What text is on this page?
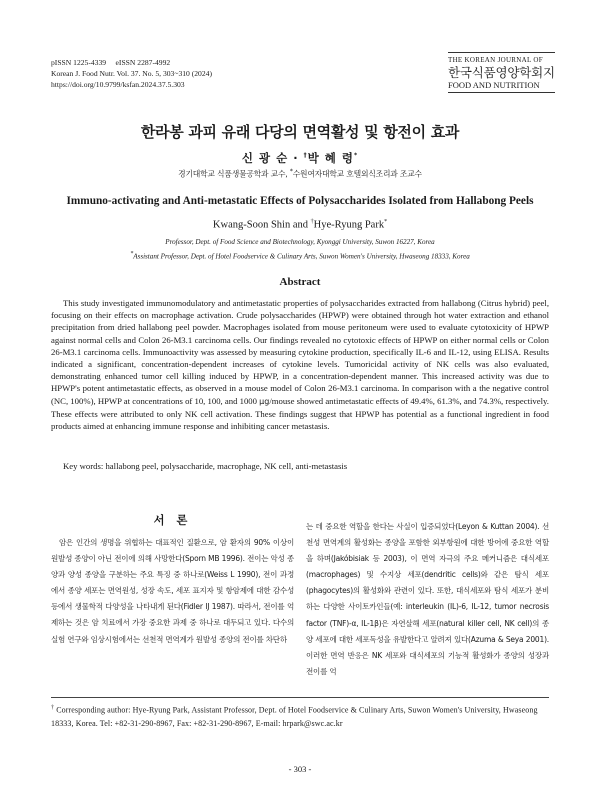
pISSN 1225-4339     eISSN 2287-4992
Korean J. Food Nutr. Vol. 37. No. 5, 303~310 (2024)
https://doi.org/10.9799/ksfan.2024.37.5.303
THE KOREAN JOURNAL OF
한국식품영양학회지
FOOD AND NUTRITION
한라봉 과피 유래 다당의 면역활성 및 항전이 효과
신 광 순 · †박 혜 령*
경기대학교 식품생물공학과 교수, *수원여자대학교 호텔외식조리과 조교수
Immuno-activating and Anti-metastatic Effects of Polysaccharides Isolated from Hallabong Peels
Kwang-Soon Shin and †Hye-Ryung Park*
Professor, Dept. of Food Science and Biotechnology, Kyonggi University, Suwon 16227, Korea
*Assistant Professor, Dept. of Hotel Foodservice & Culinary Arts, Suwon Women's University, Hwaseong 18333, Korea
Abstract

This study investigated immunomodulatory and antimetastatic properties of polysaccharides extracted from hallabong (Citrus hybrid) peel, focusing on their effects on macrophage activation. Crude polysaccharides (HPWP) were obtained through hot water extraction and ethanol precipitation from dried hallabong peel powder. Macrophages isolated from mouse peritoneum were used to evaluate cytotoxicity of HPWP against normal cells and Colon 26-M3.1 carcinoma cells. Our findings revealed no cytotoxic effects of HPWP on either normal cells or Colon 26-M3.1 carcinoma cells. Immunoactivity was assessed by measuring cytokine production, specifically IL-6 and IL-12, using ELISA. Results indicated a significant, concentration-dependent increases of cytokine levels. Tumoricidal activity of NK cells was also evaluated, demonstrating enhanced tumor cell killing induced by HPWP, in a concentration-dependent manner. This increased activity was due to HPWP's potent antimetastatic effects, as observed in a mouse model of Colon 26-M3.1 carcinoma. In comparison with a the negative control (NC, 100%), HPWP at concentrations of 10, 100, and 1000 μg/mouse showed antimetastatic effects of 49.4%, 61.3%, and 74.3%, respectively. These effects were attributed to only NK cell activation. These findings suggest that HPWP has potential as a functional ingredient in food products aimed at enhancing immune response and inhibiting cancer metastasis.

Key words: hallabong peel, polysaccharide, macrophage, NK cell, anti-metastasis
서 론

암은 인간의 생명을 위협하는 대표적인 질환으로, 암 환자의 90% 이상이 원발성 종양이 아닌 전이에 의해 사망한다(Sporn MB 1996). 전이는 악성 종양과 양성 종양을 구분하는 주요 특징 중 하나로(Weiss L 1990), 전이 과정에서 종양 세포는 면역원성, 성장 속도, 세포 표지자 및 항암제에 대한 감수성 등에서 생물학적 다양성을 나타내게 된다(Fidler IJ 1987). 따라서, 전이를 억제하는 것은 암 치료에서 가장 중요한 과제 중 하나로 대두되고 있다. 다수의 실험 연구와 임상시험에서는 선천적 면역계가 원발성 종양의 전이를 차단하

는 데 중요한 역할을 한다는 사실이 입증되었다(Leyon & Kuttan 2004). 선천성 면역계의 활성화는 종양을 포함한 외부항원에 대한 방어에 중요한 역할을 하며(Jakóbisiak 등 2003), 이 면역 자극의 주요 메커니즘은 대식세포(macrophages) 및 수지상 세포(dendritic cells)와 같은 탐식 세포(phagocytes)의 활성화와 관련이 있다. 또한, 대식세포와 탐식 세포가 분비하는 다양한 사이토카인들(예: interleukin (IL)-6, IL-12, tumor necrosis factor (TNF)-α, IL-1β)은 자연살해 세포(natural killer cell, NK cell)의 종양 세포에 대한 세포독성을 유발한다고 알려져 있다(Azuma & Seya 2001). 이러한 면역 반응은 NK 세포와 대식세포의 기능적 활성화가 종양의 성장과 전이를 억

† Corresponding author: Hye-Ryung Park, Assistant Professor, Dept. of Hotel Foodservice & Culinary Arts, Suwon Women's University, Hwaseong 18333, Korea. Tel: +82-31-290-8967, Fax: +82-31-290-8967, E-mail: hrpark@swc.ac.kr
- 303 -
